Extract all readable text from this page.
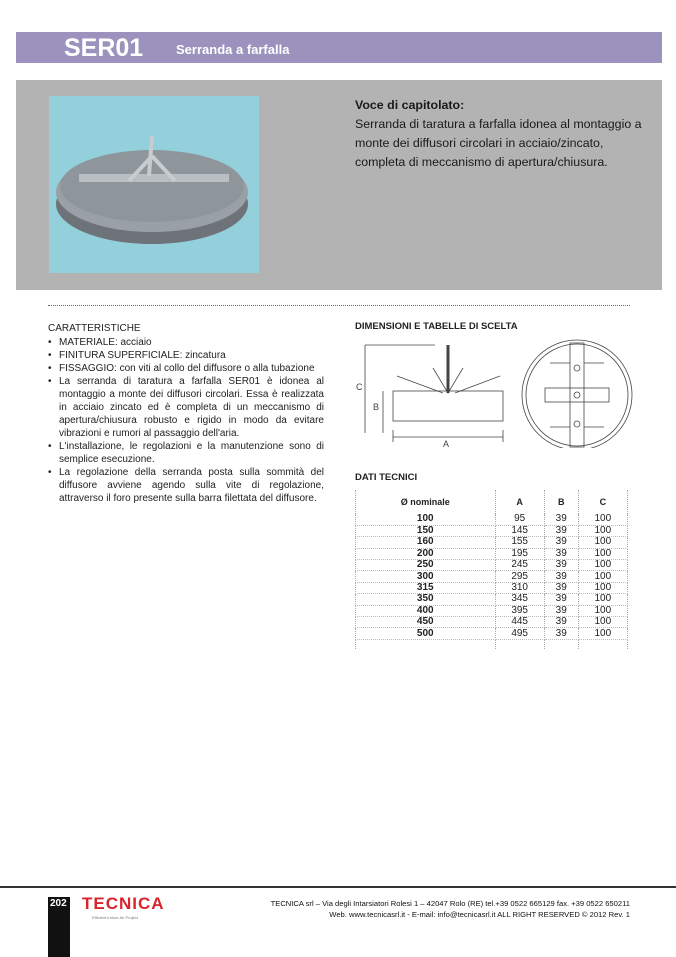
SER01	Serranda a farfalla
Voce di capitolato:
Serranda di taratura a farfalla idonea al montaggio a monte dei diffusori circolari in acciaio/zincato, completa di meccanismo di apertura/chiusura.
CARATTERISTICHE
• MATERIALE: acciaio
• FINITURA SUPERFICIALE: zincatura
• FISSAGGIO: con viti al collo del diffusore o alla tubazione
• La serranda di taratura a farfalla SER01 è idonea al montaggio a monte dei diffusori circolari. Essa è realizzata in acciaio zincato ed è completa di un meccanismo di apertura/chiusura robusto e rigido in modo da evitare vibrazioni e rumori al passaggio dell'aria.
• L'installazione, le regolazioni e la manutenzione sono di semplice esecuzione.
• La regolazione della serranda posta sulla sommità del diffusore avviene agendo sulla vite di regolazione, attraverso il foro presente sulla barra filettata del diffusore.
DIMENSIONI E TABELLE DI SCELTA
C
B
A
DATI TECNICI
Ø nominale	A	B	C
100	95	39	100
150	145	39	100
160	155	39	100
200	195	39	100
250	245	39	100
300	295	39	100
315	310	39	100
350	345	39	100
400	395	39	100
450	445	39	100
500	495	39	100

202 TECNICA
Efficient Indoor Air Project
TECNICA srl – Via degli Intarsiatori Rolesi 1 – 42047 Rolo (RE) tel.+39 0522 665129 fax. +39 0522 650211
Web. www.tecnicasrl.it - E-mail: info@tecnicasrl.it ALL RIGHT RESERVED © 2012 Rev. 1
